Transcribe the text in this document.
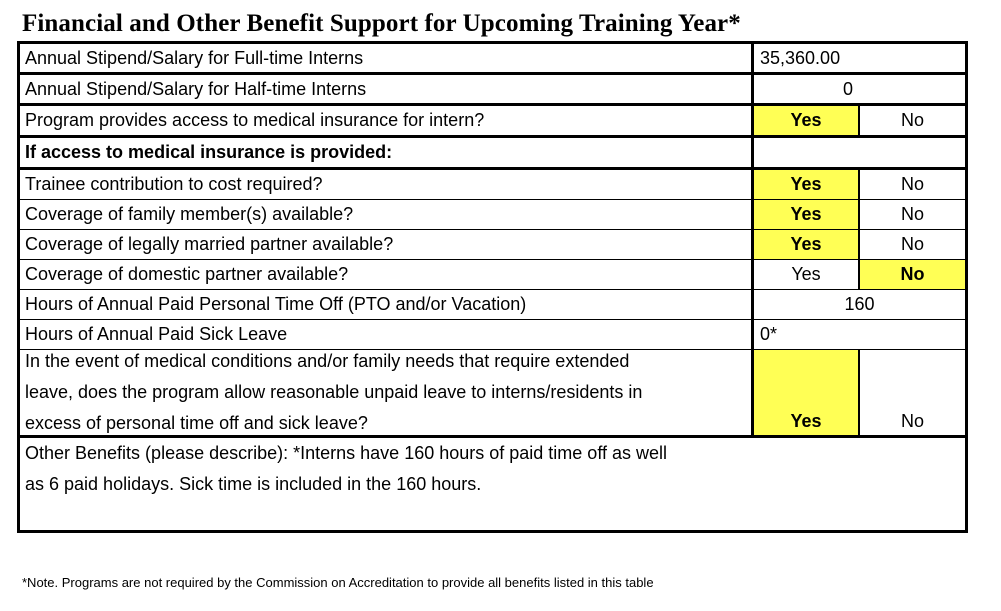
Financial and Other Benefit Support for Upcoming Training Year*
Annual Stipend/Salary for Full-time Interns	35,360.00
Annual Stipend/Salary for Half-time Interns	0
Program provides access to medical insurance for intern?	Yes	No
If access to medical insurance is provided:
Trainee contribution to cost required?	Yes	No
Coverage of family member(s) available?	Yes	No
Coverage of legally married partner available?	Yes	No
Coverage of domestic partner available?	Yes	No
Hours of Annual Paid Personal Time Off (PTO and/or Vacation)	160
Hours of Annual Paid Sick Leave	0*
In the event of medical conditions and/or family needs that require extended
leave, does the program allow reasonable unpaid leave to interns/residents in
excess of personal time off and sick leave?	Yes	No
Other Benefits (please describe): *Interns have 160 hours of paid time off as well
as 6 paid holidays. Sick time is included in the 160 hours.
*Note. Programs are not required by the Commission on Accreditation to provide all benefits listed in this table
